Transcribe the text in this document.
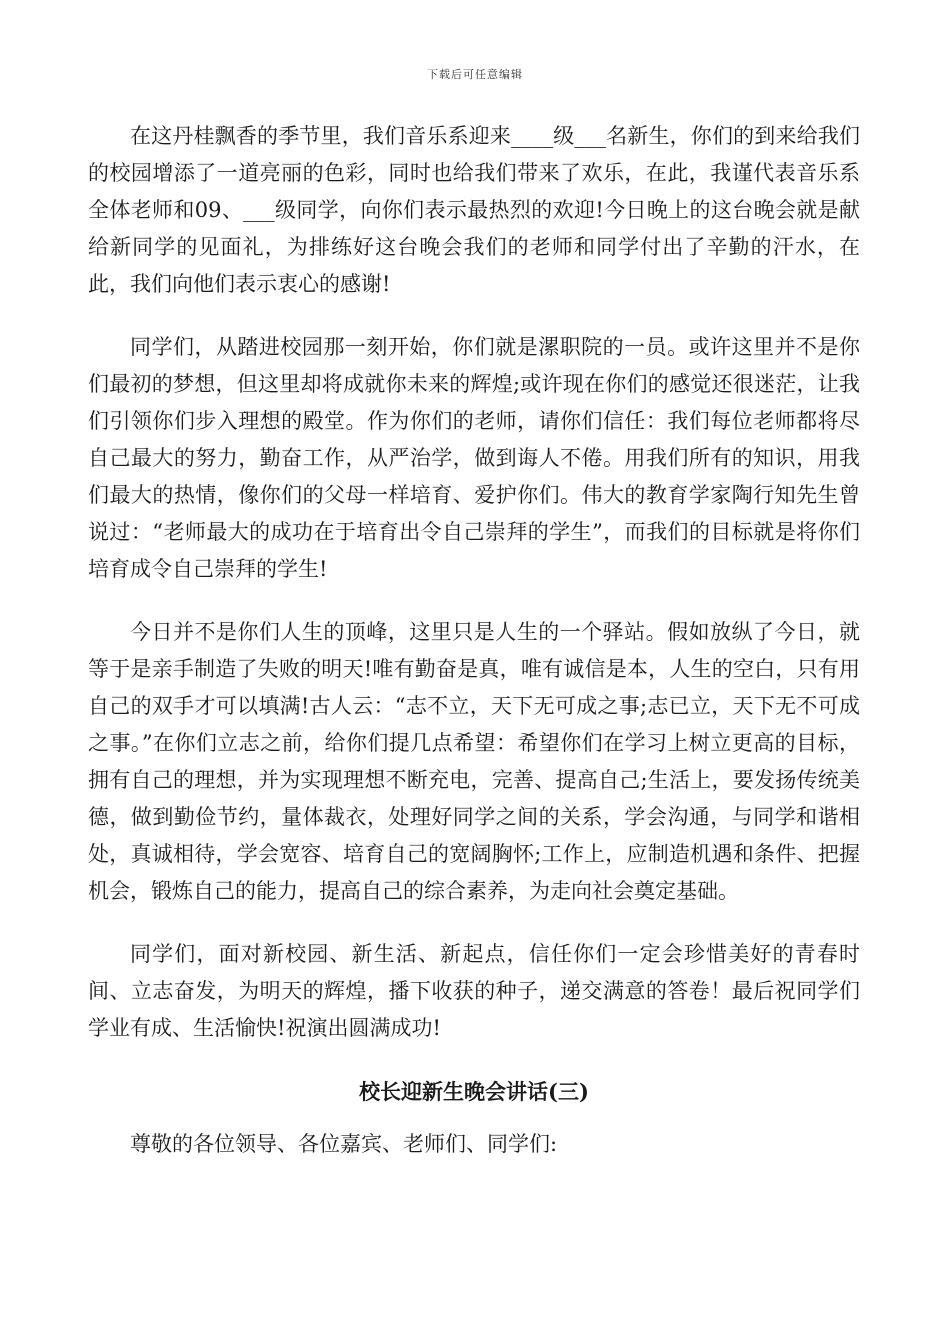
下载后可任意编辑

在这丹桂飘香的季节里，我们音乐系迎来____级___名新生，你们的到来给我们的校园增添了一道亮丽的色彩，同时也给我们带来了欢乐，在此，我谨代表音乐系全体老师和09、___级同学，向你们表示最热烈的欢迎!今日晚上的这台晚会就是献给新同学的见面礼，为排练好这台晚会我们的老师和同学付出了辛勤的汗水，在此，我们向他们表示衷心的感谢!

同学们，从踏进校园那一刻开始，你们就是漯职院的一员。或许这里并不是你们最初的梦想，但这里却将成就你未来的辉煌;或许现在你们的感觉还很迷茫，让我们引领你们步入理想的殿堂。作为你们的老师，请你们信任：我们每位老师都将尽自己最大的努力，勤奋工作，从严治学，做到诲人不倦。用我们所有的知识，用我们最大的热情，像你们的父母一样培育、爱护你们。伟大的教育学家陶行知先生曾说过：“老师最大的成功在于培育出令自己崇拜的学生”，而我们的目标就是将你们培育成令自己崇拜的学生!

今日并不是你们人生的顶峰，这里只是人生的一个驿站。假如放纵了今日，就等于是亲手制造了失败的明天!唯有勤奋是真，唯有诚信是本，人生的空白，只有用自己的双手才可以填满!古人云：“志不立，天下无可成之事;志已立，天下无不可成之事。”在你们立志之前，给你们提几点希望：希望你们在学习上树立更高的目标，拥有自己的理想，并为实现理想不断充电，完善、提高自己;生活上，要发扬传统美德，做到勤俭节约，量体裁衣，处理好同学之间的关系，学会沟通，与同学和谐相处，真诚相待，学会宽容、培育自己的宽阔胸怀;工作上，应制造机遇和条件、把握机会，锻炼自己的能力，提高自己的综合素养，为走向社会奠定基础。

同学们，面对新校园、新生活、新起点，信任你们一定会珍惜美好的青春时间、立志奋发，为明天的辉煌，播下收获的种子，递交满意的答卷！最后祝同学们学业有成、生活愉快!祝演出圆满成功!

校长迎新生晚会讲话(三)

尊敬的各位领导、各位嘉宾、老师们、同学们:
